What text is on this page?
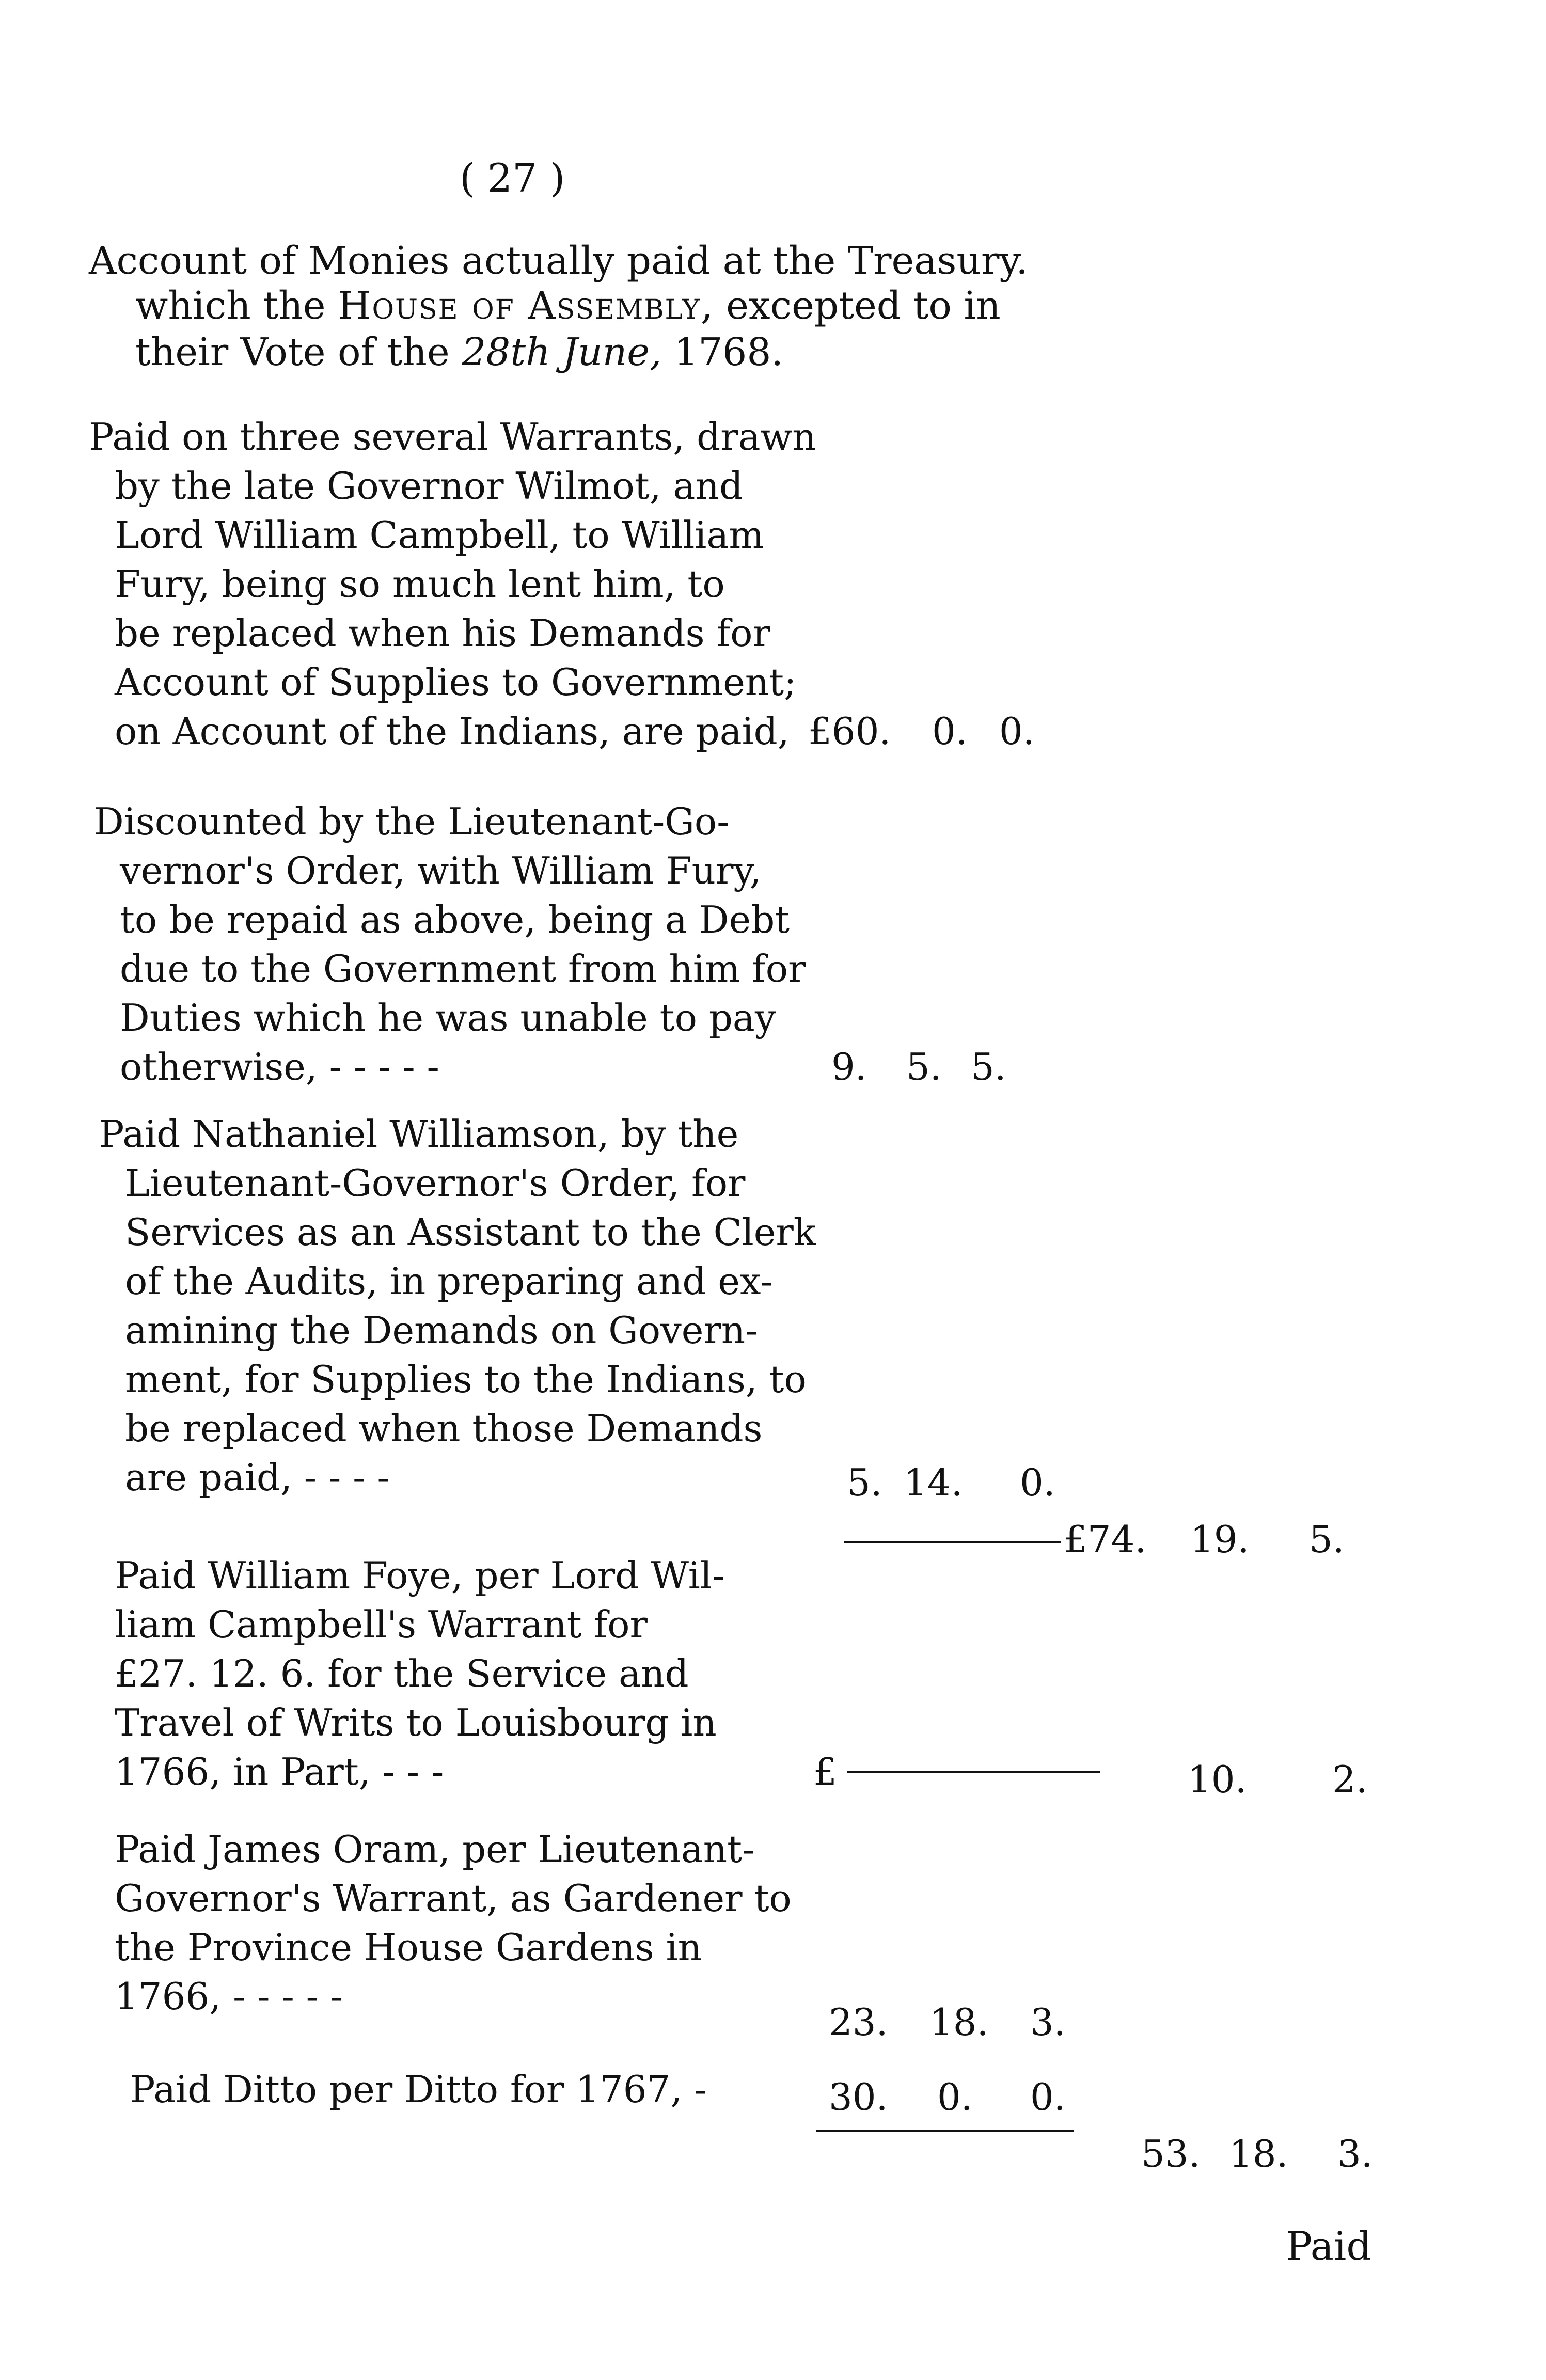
( 27 )
Account of Monies actually paid at the Treasury.
which the House of Assembly, excepted to in
their Vote of the 28th June, 1768.
Paid on three several Warrants, drawn
by the late Governor Wilmot, and
Lord William Campbell, to William
Fury, being so much lent him, to
be replaced when his Demands for
Account of Supplies to Government;
on Account of the Indians, are paid, £60. 0. 0.
Discounted by the Lieutenant-Go-
vernor's Order, with William Fury,
to be repaid as above, being a Debt
due to the Government from him for
Duties which he was unable to pay
otherwise, - - - - -	9. 5. 5.
Paid Nathaniel Williamson, by the
Lieutenant-Governor's Order, for
Services as an Assistant to the Clerk
of the Audits, in preparing and ex-
amining the Demands on Govern-
ment, for Supplies to the Indians, to
be replaced when those Demands
are paid, - - - -	5. 14. 0.
£74. 19. 5.
Paid William Foye, per Lord Wil-
liam Campbell's Warrant for
£27. 12. 6. for the Service and
Travel of Writs to Louisbourg in
1766, in Part, - - -	£	10. 2.
Paid James Oram, per Lieutenant-
Governor's Warrant, as Gardener to
the Province House Gardens in
1766, - - - - -
23. 18. 3.
Paid Ditto per Ditto for 1767, -	30. 0. 0.
53. 18. 3.
Paid
